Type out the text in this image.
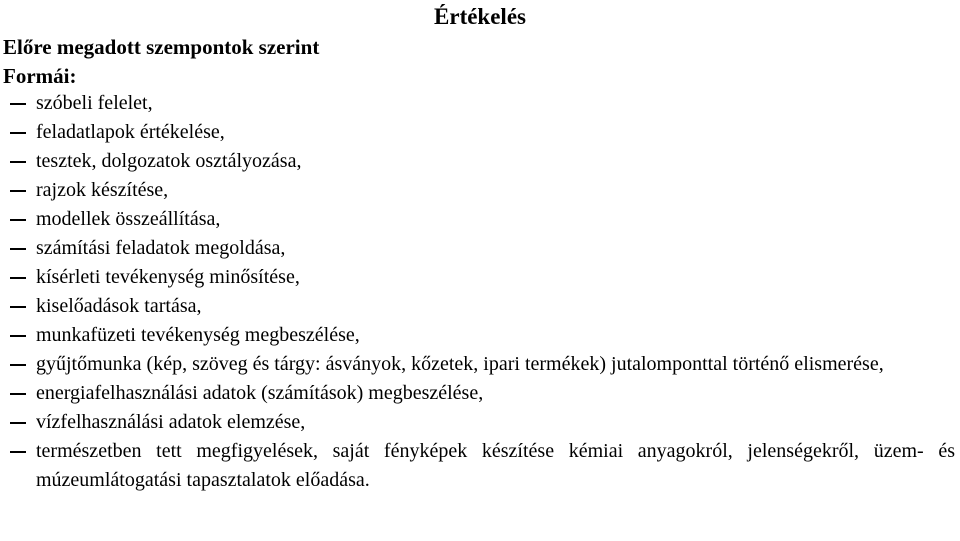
Értékelés
Előre megadott szempontok szerint
Formái:
szóbeli felelet,
feladatlapok értékelése,
tesztek, dolgozatok osztályozása,
rajzok készítése,
modellek összeállítása,
számítási feladatok megoldása,
kísérleti tevékenység minősítése,
kiselőadások tartása,
munkafüzeti tevékenység megbeszélése,
gyűjtőmunka (kép, szöveg és tárgy: ásványok, kőzetek, ipari termékek) jutalomponttal történő elismerése,
energiafelhasználási adatok (számítások) megbeszélése,
vízfelhasználási adatok elemzése,
természetben tett megfigyelések, saját fényképek készítése kémiai anyagokról, jelenségekről, üzem- és múzeumlátogatási tapasztalatok előadása.
